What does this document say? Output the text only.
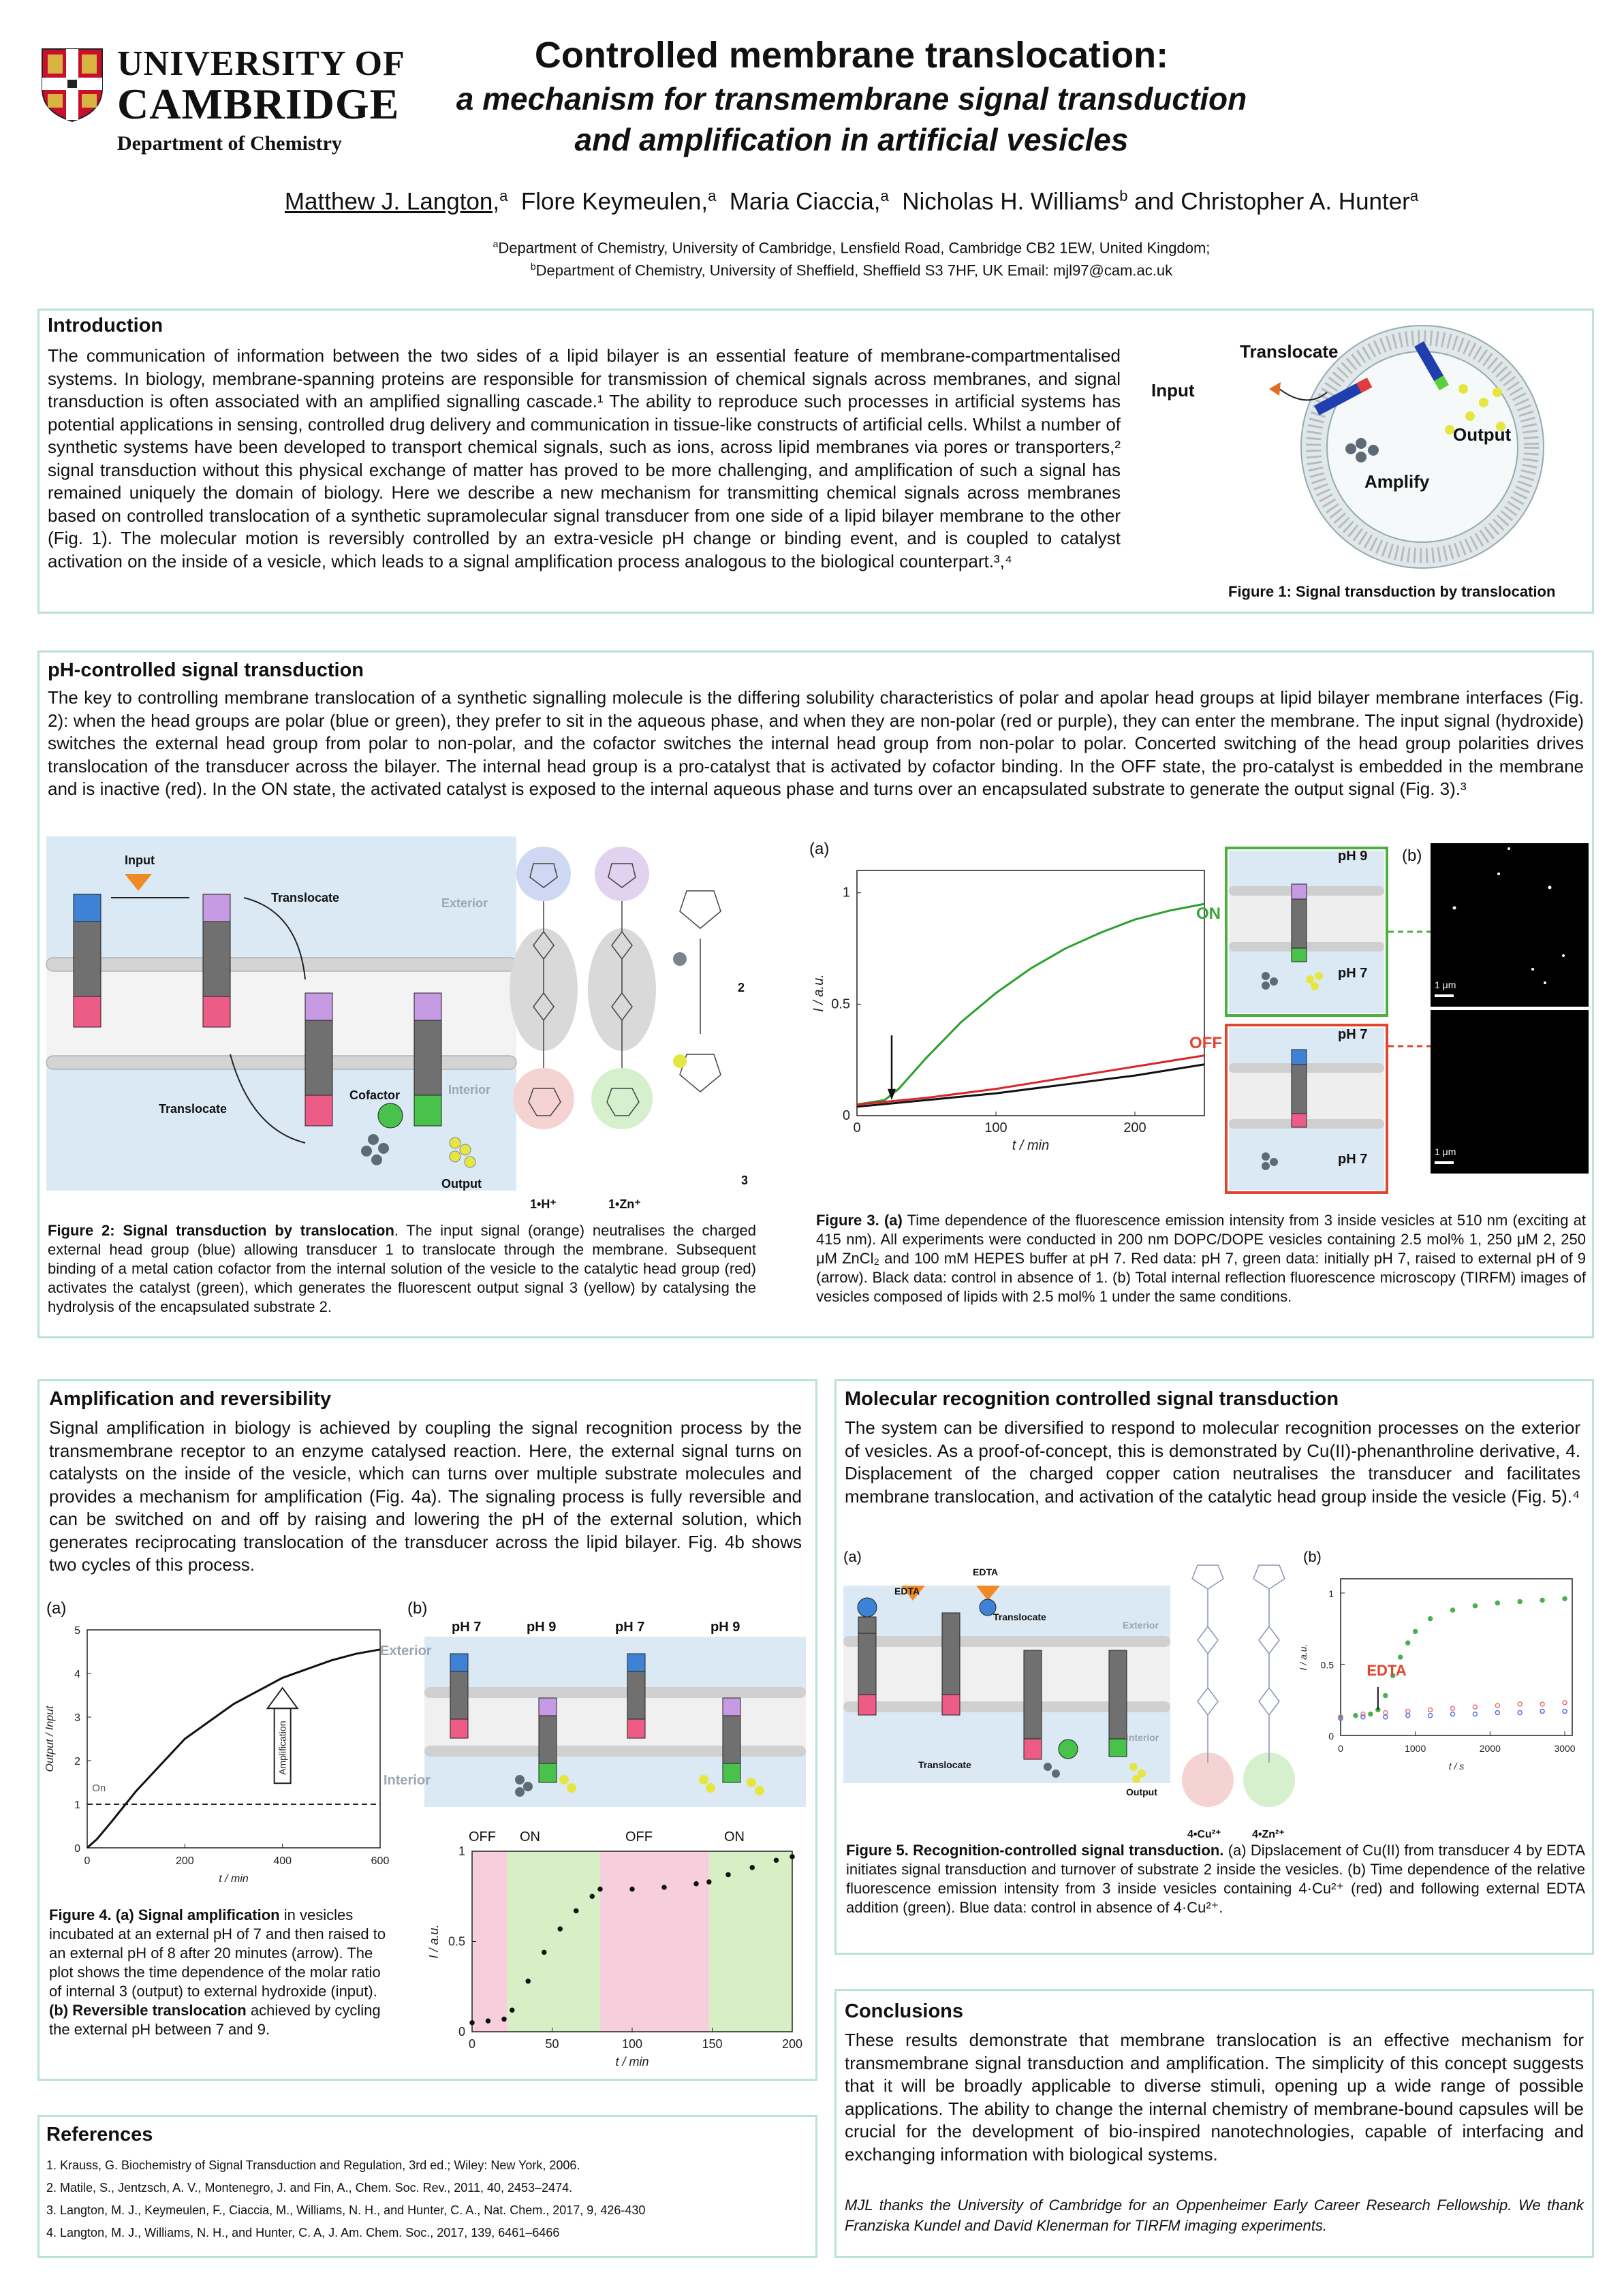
UNIVERSITY OF
CAMBRIDGE
Department of Chemistry
Controlled membrane translocation:
a mechanism for transmembrane signal transduction
and amplification in artificial vesicles
Matthew J. Langton,$^a$ Flore Keymeulen,$^a$ Maria Ciaccia,$^a$ Nicholas H. Williams$^b$ and Christopher A. Hunter$^a$
$^a$Department of Chemistry, University of Cambridge, Lensfield Road, Cambridge CB2 1EW, United Kingdom;
$^b$Department of Chemistry, University of Sheffield, Sheffield S3 7HF, UK Email: mjl97@cam.ac.uk
Introduction
The communication of information between the two sides of a lipid bilayer is an essential feature of membrane-compartmentalised systems. In biology, membrane-spanning proteins are responsible for transmission of chemical signals across membranes, and signal transduction is often associated with an amplified signalling cascade.¹ The ability to reproduce such processes in artificial systems has potential applications in sensing, controlled drug delivery and communication in tissue-like constructs of artificial cells. Whilst a number of synthetic systems have been developed to transport chemical signals, such as ions, across lipid membranes via pores or transporters,² signal transduction without this physical exchange of matter has proved to be more challenging, and amplification of such a signal has remained uniquely the domain of biology. Here we describe a new mechanism for transmitting chemical signals across membranes based on controlled translocation of a synthetic supramolecular signal transducer from one side of a lipid bilayer membrane to the other (Fig. 1). The molecular motion is reversibly controlled by an extra-vesicle pH change or binding event, and is coupled to catalyst activation on the inside of a vesicle, which leads to a signal amplification process analogous to the biological counterpart.³,⁴
Translocate
Input
Output
Amplify
Figure 1: Signal transduction by translocation
pH-controlled signal transduction
The key to controlling membrane translocation of a synthetic signalling molecule is the differing solubility characteristics of polar and apolar head groups at lipid bilayer membrane interfaces (Fig. 2): when the head groups are polar (blue or green), they prefer to sit in the aqueous phase, and when they are non-polar (red or purple), they can enter the membrane. The input signal (hydroxide) switches the external head group from polar to non-polar, and the cofactor switches the internal head group from non-polar to polar. Concerted switching of the head group polarities drives translocation of the transducer across the bilayer. The internal head group is a pro-catalyst that is activated by cofactor binding. In the OFF state, the pro-catalyst is embedded in the membrane and is inactive (red). In the ON state, the activated catalyst is exposed to the internal aqueous phase and turns over an encapsulated substrate to generate the output signal (Fig. 3).³
Input
Translocate	Exterior
Interior
Translocate
Cofactor
Output
1•H⁺	1•Zn⁺
2
3
Figure 2: Signal transduction by translocation. The input signal (orange) neutralises the charged external head group (blue) allowing transducer 1 to translocate through the membrane. Subsequent binding of a metal cation cofactor from the internal solution of the vesicle to the catalytic head group (red) activates the catalyst (green), which generates the fluorescent output signal 3 (yellow) by catalysing the hydrolysis of the encapsulated substrate 2.
(a)
0	100	200
0
0.5
1
t / min
I / a.u.
pH 9
pH 7
pH 7
pH 7
ON
OFF
(b)
1 μm
1 μm
Figure 3. (a) Time dependence of the fluorescence emission intensity from 3 inside vesicles at 510 nm (exciting at 415 nm). All experiments were conducted in 200 nm DOPC/DOPE vesicles containing 2.5 mol% 1, 250 μM 2, 250 μM ZnCl₂ and 100 mM HEPES buffer at pH 7. Red data: pH 7, green data: initially pH 7, raised to external pH of 9 (arrow). Black data: control in absence of 1. (b) Total internal reflection fluorescence microscopy (TIRFM) images of vesicles composed of lipids with 2.5 mol% 1 under the same conditions.
Amplification and reversibility
Signal amplification in biology is achieved by coupling the signal recognition process by the transmembrane receptor to an enzyme catalysed reaction. Here, the external signal turns on catalysts on the inside of the vesicle, which can turns over multiple substrate molecules and provides a mechanism for amplification (Fig. 4a). The signaling process is fully reversible and can be switched on and off by raising and lowering the pH of the external solution, which generates reciprocating translocation of the transducer across the lipid bilayer. Fig. 4b shows two cycles of this process.
(a)
0	200	400	600
0
1
2
3
4
5
t / min
Output / Input
On
Amplification
Figure 4. (a) Signal amplification in vesicles incubated at an external pH of 7 and then raised to an external pH of 8 after 20 minutes (arrow). The plot shows the time dependence of the molar ratio of internal 3 (output) to external hydroxide (input).
(b) Reversible translocation achieved by cycling the external pH between 7 and 9.
(b)
pH 7	pH 9	pH 7	pH 9
Exterior
Interior
OFF ON	OFF	ON
0	50	100	150	200
0
0.5
1
t / min
I / a.u.
Molecular recognition controlled signal transduction
The system can be diversified to respond to molecular recognition processes on the exterior of vesicles. As a proof-of-concept, this is demonstrated by Cu(II)-phenanthroline derivative, 4. Displacement of the charged copper cation neutralises the transducer and facilitates membrane translocation, and activation of the catalytic head group inside the vesicle (Fig. 5).⁴
(a)
EDTA
EDTA
Translocate
Exterior
Interior
Translocate
Output
4•Cu²⁺	4•Zn²⁺
(b)
0	1000	2000	3000
0
0.5
1
t / s
I / a.u.
EDTA
Figure 5. Recognition-controlled signal transduction. (a) Dipslacement of Cu(II) from transducer 4 by EDTA initiates signal transduction and turnover of substrate 2 inside the vesicles. (b) Time dependence of the relative fluorescence emission intensity from 3 inside vesicles containing 4·Cu²⁺ (red) and following external EDTA addition (green). Blue data: control in absence of 4·Cu²⁺.
Conclusions
These results demonstrate that membrane translocation is an effective mechanism for transmembrane signal transduction and amplification. The simplicity of this concept suggests that it will be broadly applicable to diverse stimuli, opening up a wide range of possible applications. The ability to change the internal chemistry of membrane-bound capsules will be crucial for the development of bio-inspired nanotechnologies, capable of interfacing and exchanging information with biological systems.
MJL thanks the University of Cambridge for an Oppenheimer Early Career Research Fellowship. We thank Franziska Kundel and David Klenerman for TIRFM imaging experiments.
References
1. Krauss, G. Biochemistry of Signal Transduction and Regulation, 3rd ed.; Wiley: New York, 2006.
2. Matile, S., Jentzsch, A. V., Montenegro, J. and Fin, A., Chem. Soc. Rev., 2011, 40, 2453–2474.
3. Langton, M. J., Keymeulen, F., Ciaccia, M., Williams, N. H., and Hunter, C. A., Nat. Chem., 2017, 9, 426-430
4. Langton, M. J., Williams, N. H., and Hunter, C. A, J. Am. Chem. Soc., 2017, 139, 6461–6466
